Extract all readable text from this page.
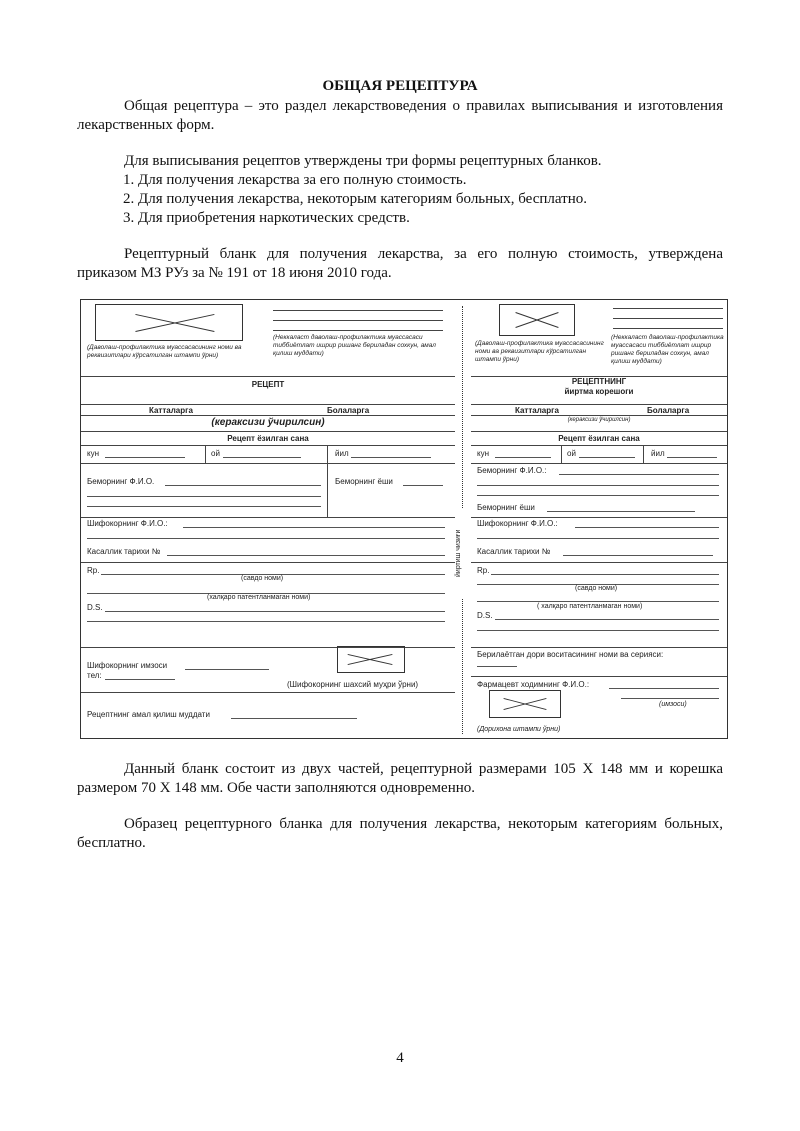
ОБЩАЯ РЕЦЕПТУРА
Общая рецептура – это раздел лекарствоведения о правилах выписывания и изготовления лекарственных форм.
Для выписывания рецептов утверждены три формы рецептурных бланков.
1. Для получения лекарства за его полную стоимость.
2. Для получения лекарства, некоторым категориям больных, бесплатно.
3. Для приобретения наркотических средств.
Рецептурный бланк для получения лекарства, за его полную стоимость, утверждена приказом МЗ РУз за № 191 от 18 июня 2010 года.
(Даволаш-профилактика муассасасининг номи ва реквизитлари кўрсатилган штампи ўрни)
(Неккаласт даволаш-профилактика муассасаси тиббиётлат ишрир ришанг бериладан сохкун, амал қилиш муддати)
РЕЦЕПТ
Катталарга	Болаларга
(кераксизи ўчирилсин)
Рецепт ёзилган сана
кун	ой	йил
Беморнинг Ф.И.О.	Беморнинг ёши
Шифокорнинг Ф.И.О.:
Касаллик тарихи №
Rp.
(савдо номи)
(халқаро патентланмаган номи)
D.S.
Шифокорнинг имзоси
тел:
(Шифокорнинг шахсий муҳри ўрни)
Рецептнинг амал қилиш муддати
йиртиш чизиғи
(Даволаш-профилактика муассасасининг номи ва реквизитлари кўрсатилган штампи ўрни)
(Неккаласт даволаш-профилактика муассасаси тиббиётлат ишрир ришанг бериладан сохкун, амал қилиш муддати)
РЕЦЕПТНИНГ
йиртма корешоги
Катталарга	Болаларга
(кераксизи ўчирилсин)
Рецепт ёзилган сана
кун	ой	йил
Беморнинг Ф.И.О.:
Беморнинг ёши
Шифокорнинг Ф.И.О.:
Касаллик тарихи №
Rp.
(савдо номи)
( халқаро патентланмаган номи)
D.S.
Берилаётган дори воситасининг номи ва серияси:
Фармацевт ходимнинг Ф.И.О.:
(имзоси)
(Дорихона штампи ўрни)
Данный бланк состоит из двух частей, рецептурной размерами 105 Х 148 мм и корешка размером 70 Х 148 мм. Обе части заполняются одновременно.
Образец рецептурного бланка для получения лекарства, некоторым категориям больных, бесплатно.
4
